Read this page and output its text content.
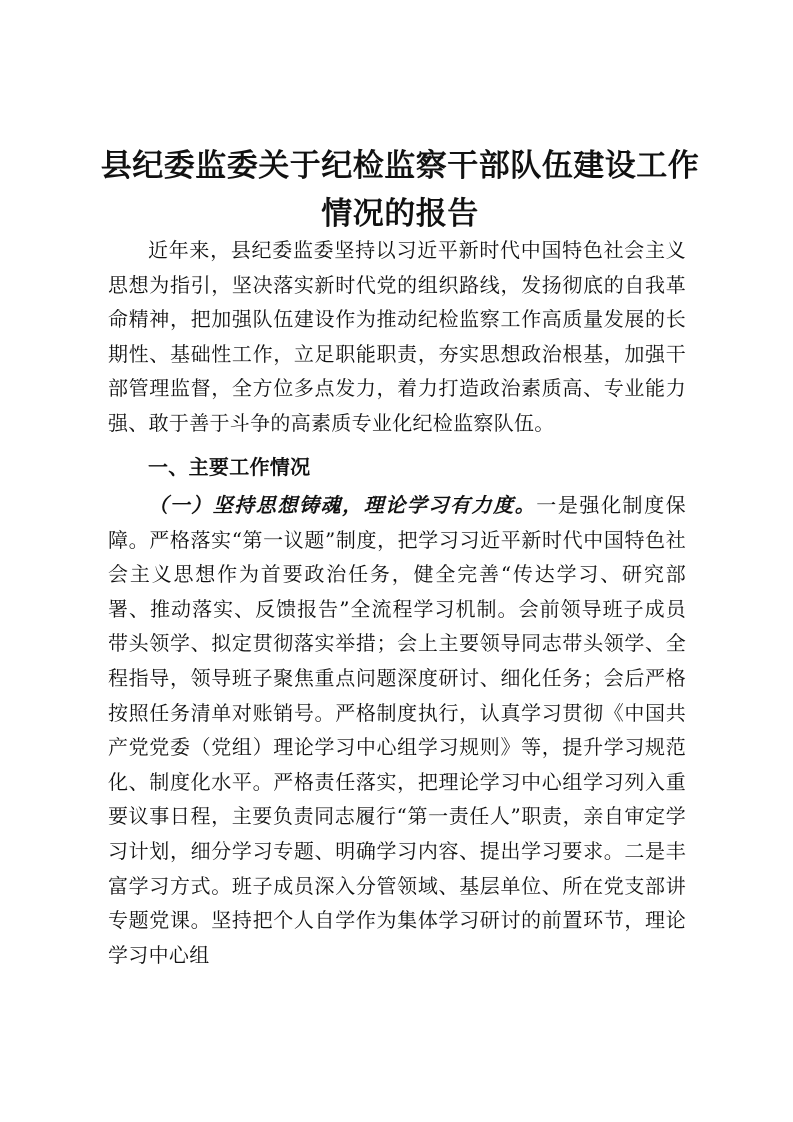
县纪委监委关于纪检监察干部队伍建设工作情况的报告

近年来，县纪委监委坚持以习近平新时代中国特色社会主义思想为指引，坚决落实新时代党的组织路线，发扬彻底的自我革命精神，把加强队伍建设作为推动纪检监察工作高质量发展的长期性、基础性工作，立足职能职责，夯实思想政治根基，加强干部管理监督，全方位多点发力，着力打造政治素质高、专业能力强、敢于善于斗争的高素质专业化纪检监察队伍。

一、主要工作情况

（一）坚持思想铸魂，理论学习有力度。一是强化制度保障。严格落实“第一议题”制度，把学习习近平新时代中国特色社会主义思想作为首要政治任务，健全完善“传达学习、研究部署、推动落实、反馈报告”全流程学习机制。会前领导班子成员带头领学、拟定贯彻落实举措；会上主要领导同志带头领学、全程指导，领导班子聚焦重点问题深度研讨、细化任务；会后严格按照任务清单对账销号。严格制度执行，认真学习贯彻《中国共产党党委（党组）理论学习中心组学习规则》等，提升学习规范化、制度化水平。严格责任落实，把理论学习中心组学习列入重要议事日程，主要负责同志履行“第一责任人”职责，亲自审定学习计划，细分学习专题、明确学习内容、提出学习要求。二是丰富学习方式。班子成员深入分管领域、基层单位、所在党支部讲专题党课。坚持把个人自学作为集体学习研讨的前置环节，理论学习中心组
